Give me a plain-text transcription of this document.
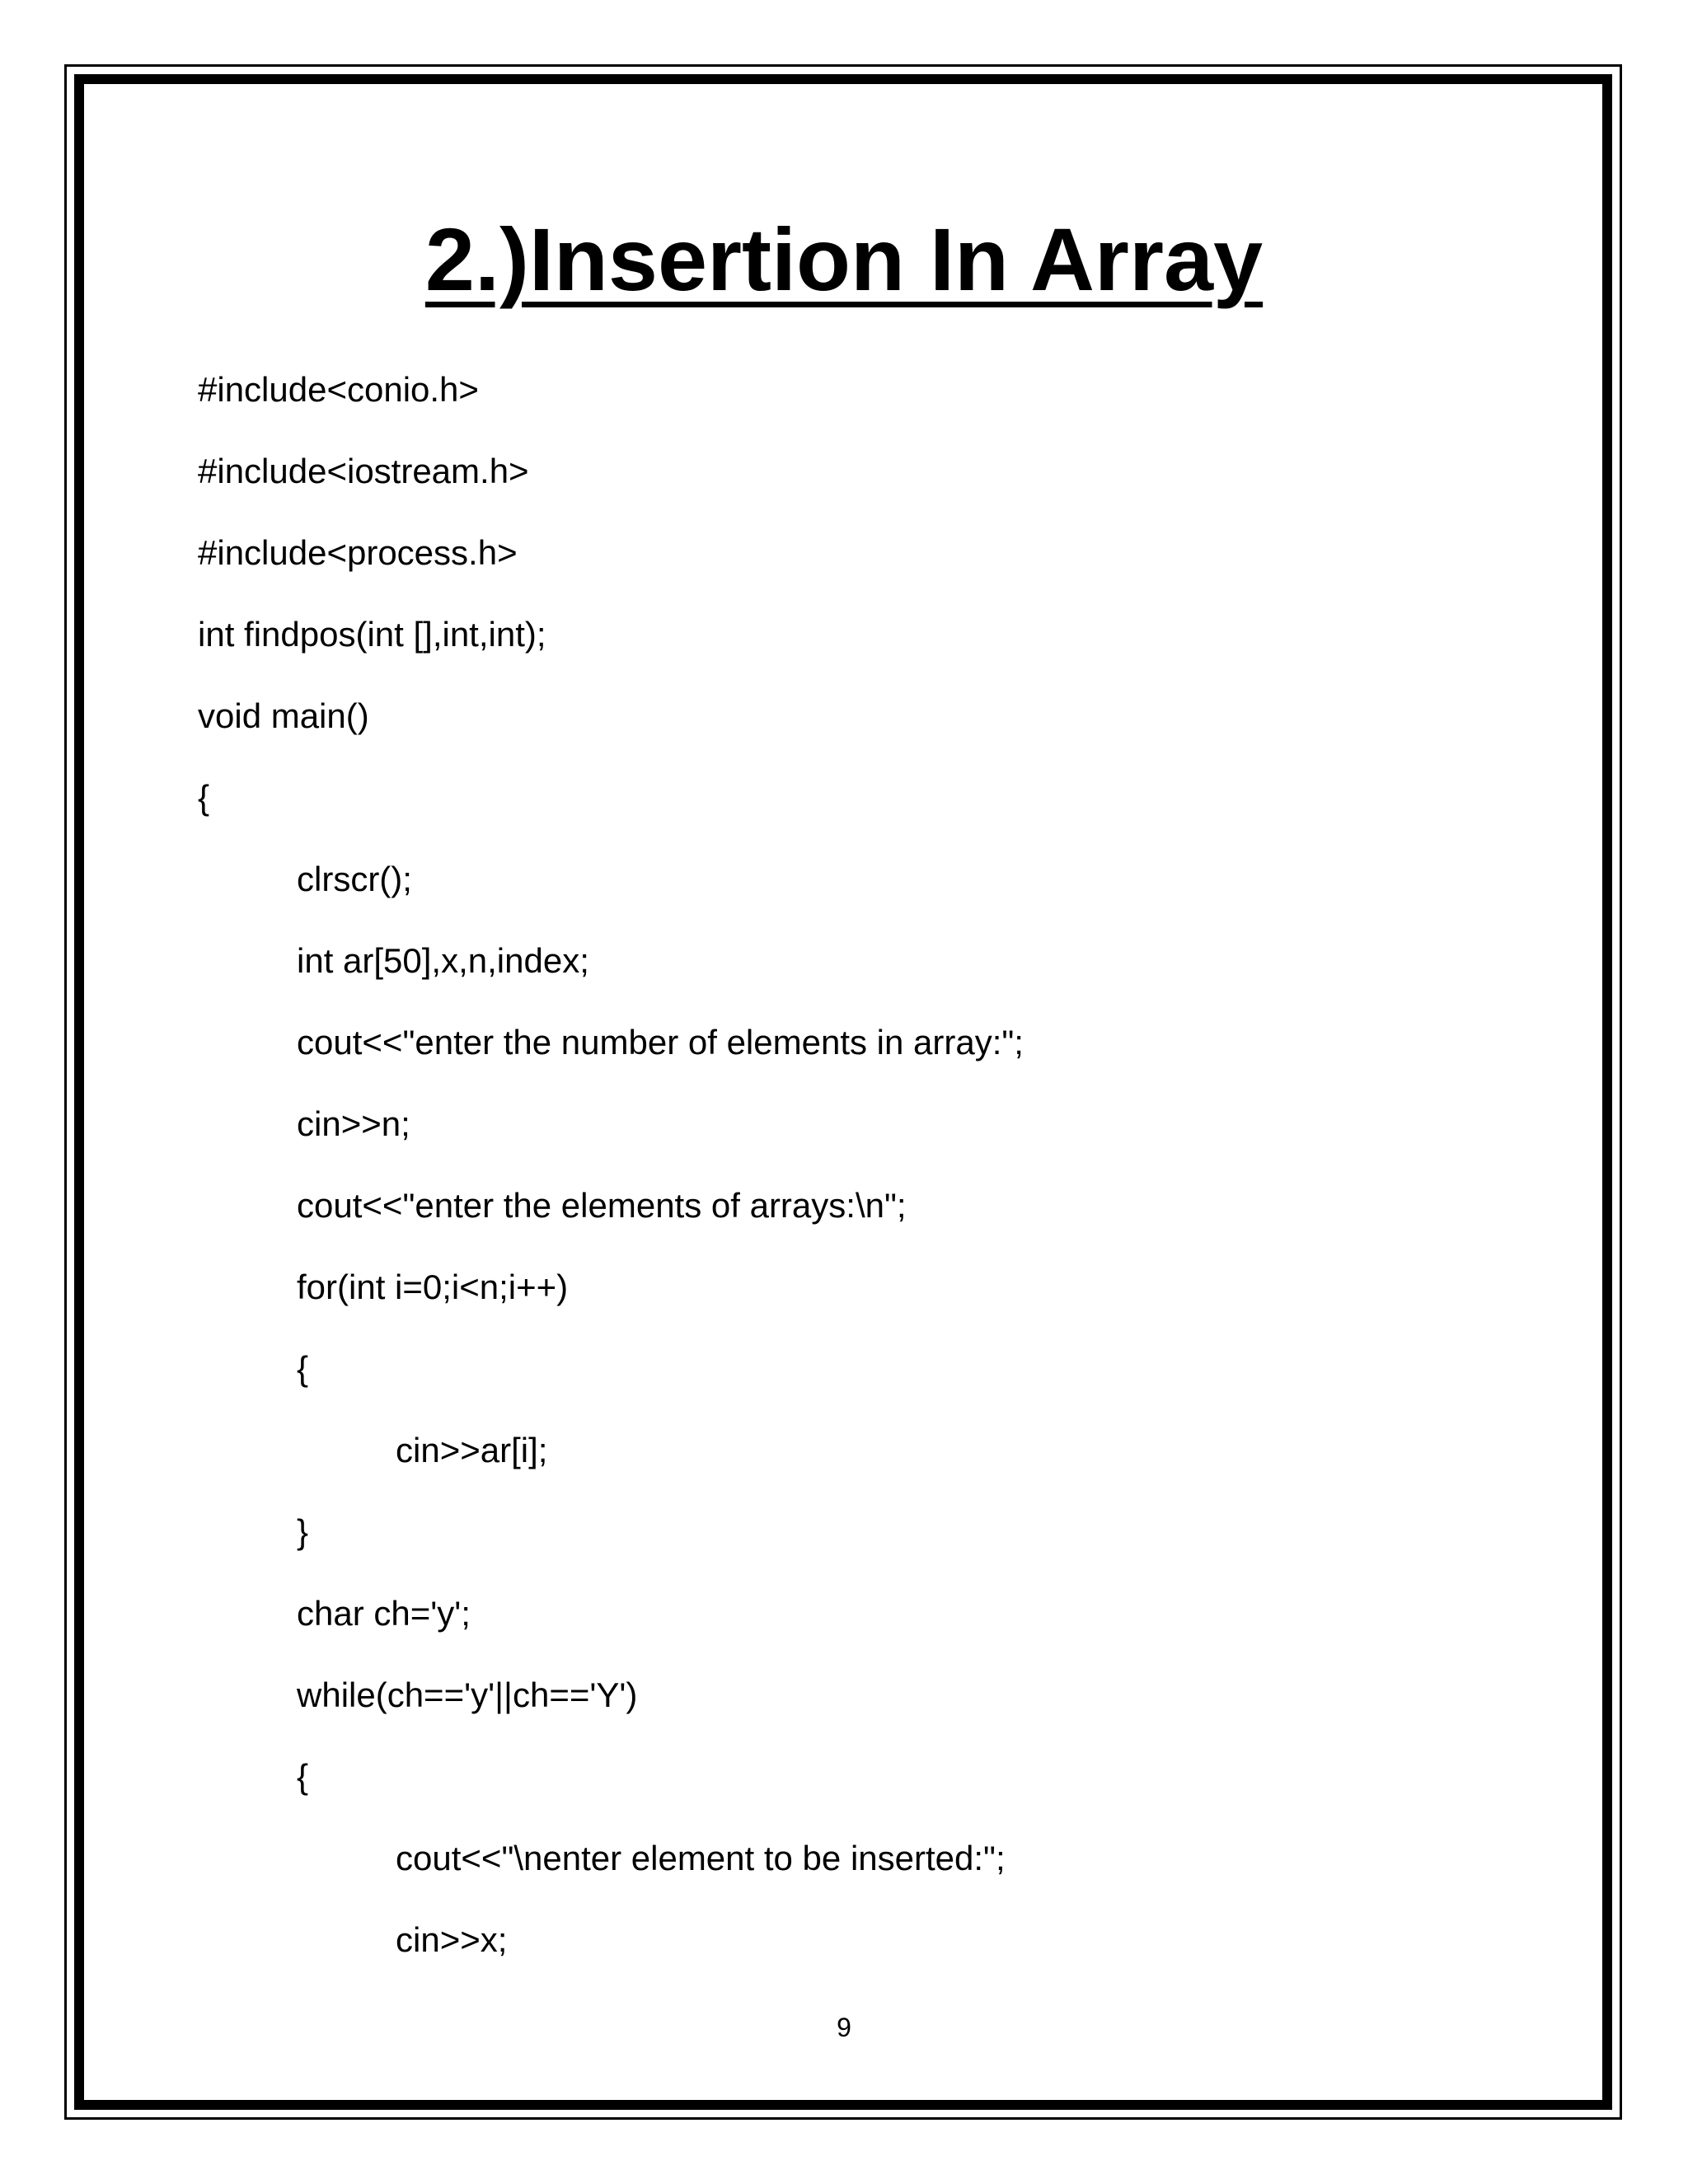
2.)Insertion In Array
#include<conio.h>
#include<iostream.h>
#include<process.h>
int findpos(int [],int,int);
void main()
{
clrscr();
int ar[50],x,n,index;
cout<<"enter the number of elements in array:";
cin>>n;
cout<<"enter the elements of arrays:\n";
for(int i=0;i<n;i++)
{
cin>>ar[i];
}
char ch='y';
while(ch=='y'||ch=='Y')
{
cout<<"\nenter element to be inserted:";
cin>>x;
9
